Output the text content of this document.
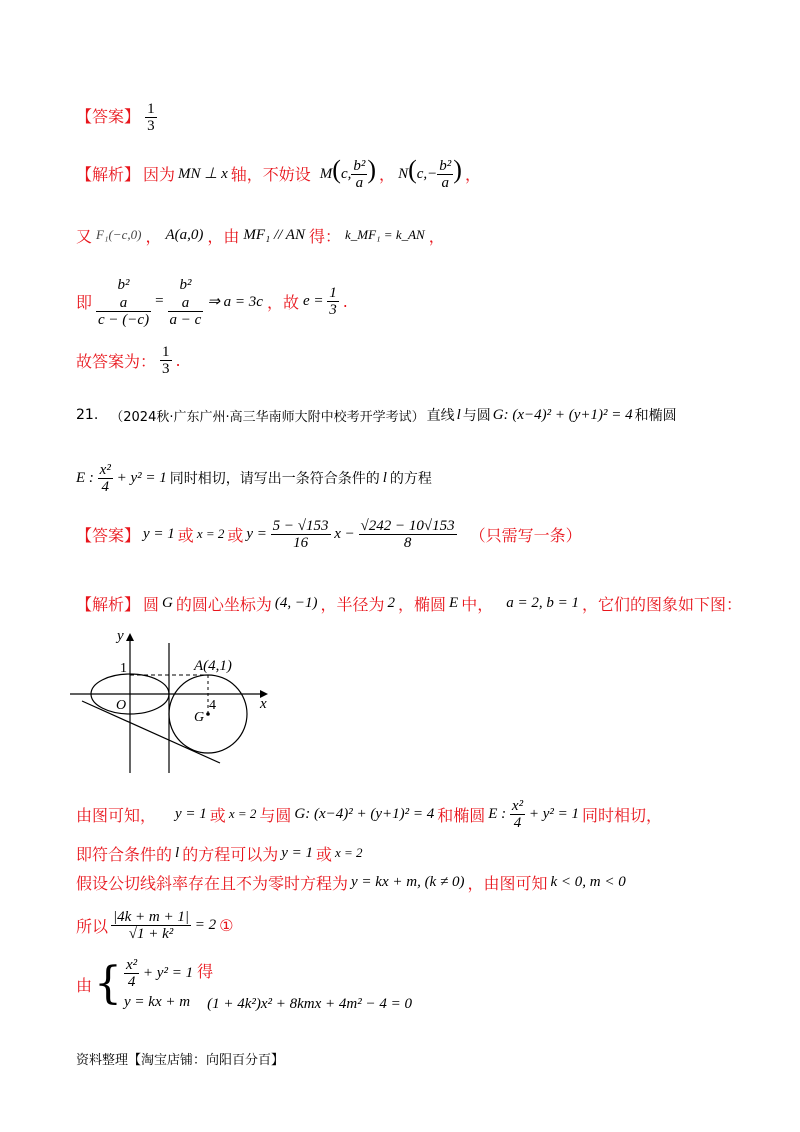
【答案】 $\frac{1}{3}$
【解析】 因为 MN ⊥ x 轴，不妨设 M(c, $\frac{\text{b²}}{a}$ ) ， $N(c,- \frac{\text{b²}}{a}$ ) ，
又 F₁(−c,0) ， A(a,0) ，由 MF₁ // AN 得： k_MF₁ = k_AN ，
即
b²
a
c − (−c)
=
b²
a
a − c
⇒ a = 3c ，故 $e = \frac{1}{3}$ .
故答案为： $\frac{1}{3}$ .
21. （2024秋·广东广州·高三华南师大附中校考开学考试） 直线 l 与圆 G: (x−4)² + (y+1)² = 4 和椭圆
E : $\frac{\text{x²}}{4} + y^2 = 1$ 同时相切，请写出一条符合条件的 l 的方程
【答案】 y = 1 或 x = 2 或 $y = \frac{5 - √153}{16}$ $x - \frac{√242 - 10√153}{8}$ （只需写一条）
【解析】 圆 G 的圆心坐标为 (4, −1) ，半径为 2 ，椭圆 E 中， a = 2, b = 1 ，它们的图象如下图：
y
x
1
O
A(4,1)
4
G
由图可知， y = 1 或 x = 2 与圆 G: (x−4)² + (y+1)² = 4 和椭圆 E : $\frac{\text{x²}}{4} + y^2 = 1$ 同时相切，
即符合条件的 l 的方程可以为 y = 1 或 x = 2
假设公切线斜率存在且不为零时方程为 y = kx + m, (k ≠ 0) ，由图可知 k < 0, m < 0
所以 $\frac{|4k + m + 1|}{\text{√1 + k²}} = 2$ ①
由 { $\frac{\text{x²}}{4} + y^2 = 1$
y = kx + m
得
(1 + 4k²)x² + 8kmx + 4m² − 4 = 0
资料整理【淘宝店铺：向阳百分百】
